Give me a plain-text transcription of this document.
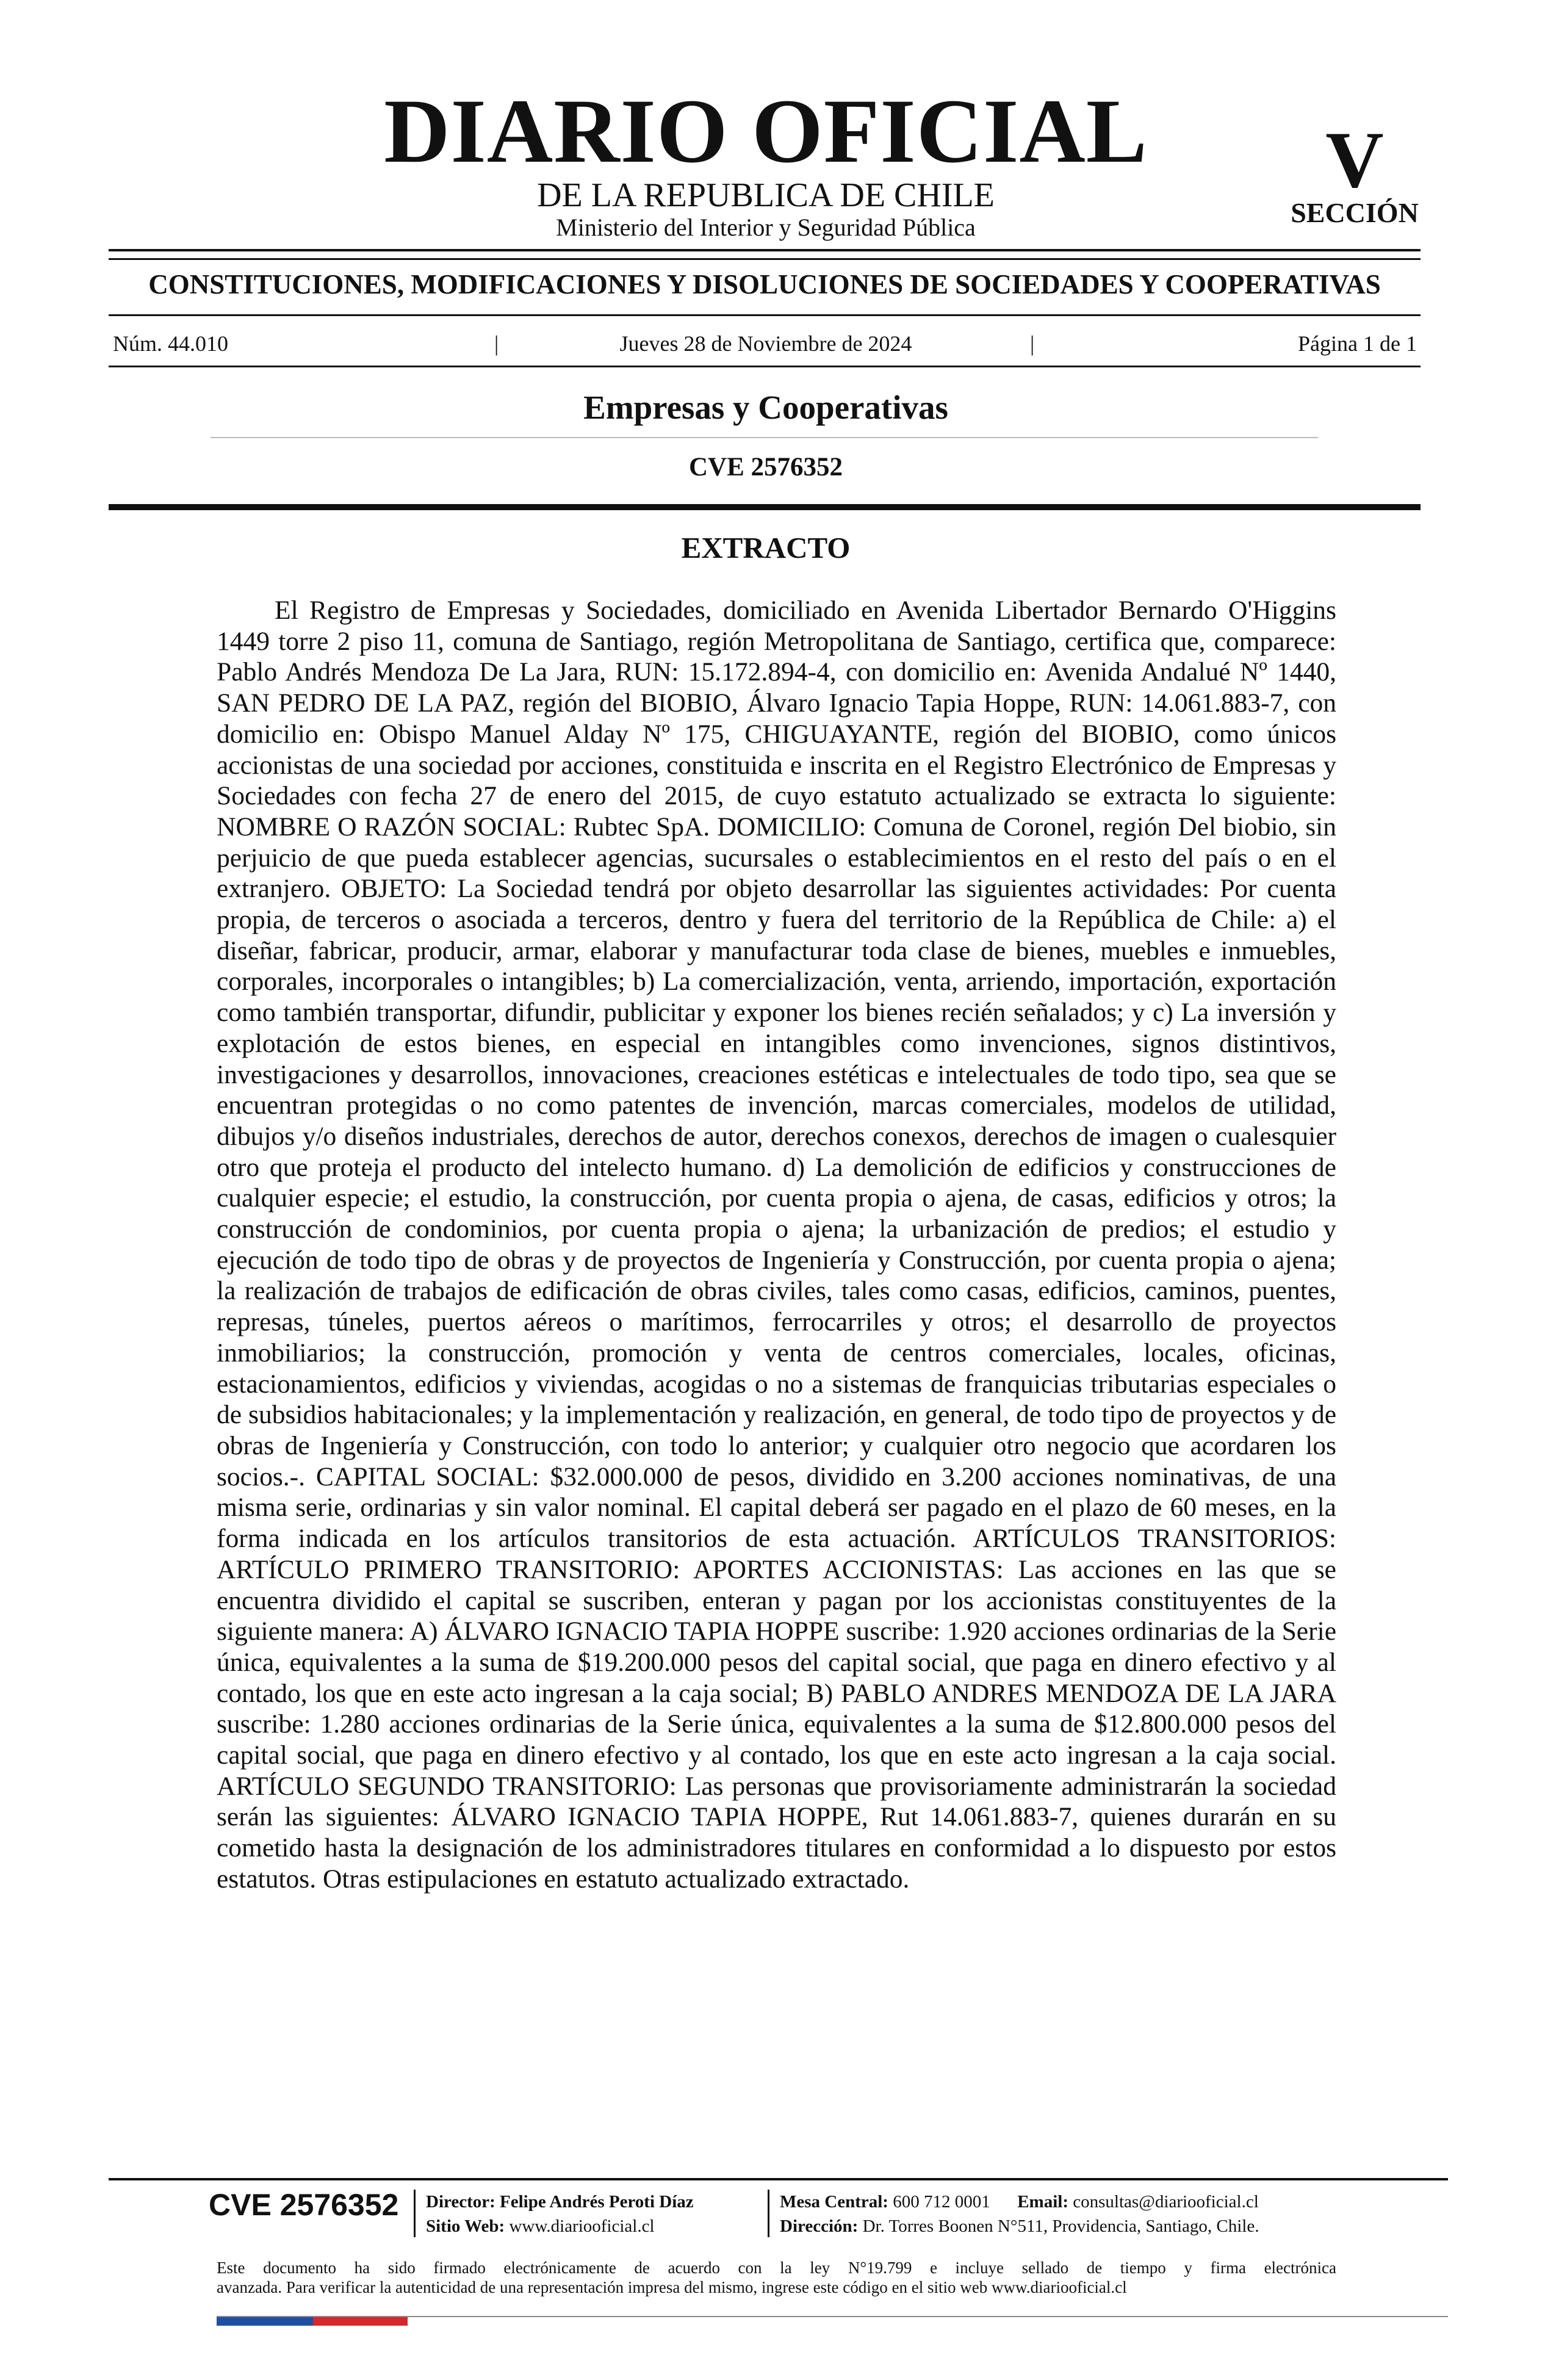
DIARIO OFICIAL
DE LA REPUBLICA DE CHILE
Ministerio del Interior y Seguridad Pública
V
SECCIÓN
CONSTITUCIONES, MODIFICACIONES Y DISOLUCIONES DE SOCIEDADES Y COOPERATIVAS
Núm. 44.010	|	Jueves 28 de Noviembre de 2024	|	Página 1 de 1
Empresas y Cooperativas
CVE 2576352
EXTRACTO

El Registro de Empresas y Sociedades, domiciliado en Avenida Libertador Bernardo O'Higgins 1449 torre 2 piso 11, comuna de Santiago, región Metropolitana de Santiago, certifica que, comparece: Pablo Andrés Mendoza De La Jara, RUN: 15.172.894-4, con domicilio en: Avenida Andalué Nº 1440, SAN PEDRO DE LA PAZ, región del BIOBIO, Álvaro Ignacio Tapia Hoppe, RUN: 14.061.883-7, con domicilio en: Obispo Manuel Alday Nº 175, CHIGUAYANTE, región del BIOBIO, como únicos accionistas de una sociedad por acciones, constituida e inscrita en el Registro Electrónico de Empresas y Sociedades con fecha 27 de enero del 2015, de cuyo estatuto actualizado se extracta lo siguiente: NOMBRE O RAZÓN SOCIAL: Rubtec SpA. DOMICILIO: Comuna de Coronel, región Del biobio, sin perjuicio de que pueda establecer agencias, sucursales o establecimientos en el resto del país o en el extranjero. OBJETO: La Sociedad tendrá por objeto desarrollar las siguientes actividades: Por cuenta propia, de terceros o asociada a terceros, dentro y fuera del territorio de la República de Chile: a) el diseñar, fabricar, producir, armar, elaborar y manufacturar toda clase de bienes, muebles e inmuebles, corporales, incorporales o intangibles; b) La comercialización, venta, arriendo, importación, exportación como también transportar, difundir, publicitar y exponer los bienes recién señalados; y c) La inversión y explotación de estos bienes, en especial en intangibles como invenciones, signos distintivos, investigaciones y desarrollos, innovaciones, creaciones estéticas e intelectuales de todo tipo, sea que se encuentran protegidas o no como patentes de invención, marcas comerciales, modelos de utilidad, dibujos y/o diseños industriales, derechos de autor, derechos conexos, derechos de imagen o cualesquier otro que proteja el producto del intelecto humano. d) La demolición de edificios y construcciones de cualquier especie; el estudio, la construcción, por cuenta propia o ajena, de casas, edificios y otros; la construcción de condominios, por cuenta propia o ajena; la urbanización de predios; el estudio y ejecución de todo tipo de obras y de proyectos de Ingeniería y Construcción, por cuenta propia o ajena; la realización de trabajos de edificación de obras civiles, tales como casas, edificios, caminos, puentes, represas, túneles, puertos aéreos o marítimos, ferrocarriles y otros; el desarrollo de proyectos inmobiliarios; la construcción, promoción y venta de centros comerciales, locales, oficinas, estacionamientos, edificios y viviendas, acogidas o no a sistemas de franquicias tributarias especiales o de subsidios habitacionales; y la implementación y realización, en general, de todo tipo de proyectos y de obras de Ingeniería y Construcción, con todo lo anterior; y cualquier otro negocio que acordaren los socios.-. CAPITAL SOCIAL: $32.000.000 de pesos, dividido en 3.200 acciones nominativas, de una misma serie, ordinarias y sin valor nominal. El capital deberá ser pagado en el plazo de 60 meses, en la forma indicada en los artículos transitorios de esta actuación. ARTÍCULOS TRANSITORIOS: ARTÍCULO PRIMERO TRANSITORIO: APORTES ACCIONISTAS: Las acciones en las que se encuentra dividido el capital se suscriben, enteran y pagan por los accionistas constituyentes de la siguiente manera: A) ÁLVARO IGNACIO TAPIA HOPPE suscribe: 1.920 acciones ordinarias de la Serie única, equivalentes a la suma de $19.200.000 pesos del capital social, que paga en dinero efectivo y al contado, los que en este acto ingresan a la caja social; B) PABLO ANDRES MENDOZA DE LA JARA suscribe: 1.280 acciones ordinarias de la Serie única, equivalentes a la suma de $12.800.000 pesos del capital social, que paga en dinero efectivo y al contado, los que en este acto ingresan a la caja social. ARTÍCULO SEGUNDO TRANSITORIO: Las personas que provisoriamente administrarán la sociedad serán las siguientes: ÁLVARO IGNACIO TAPIA HOPPE, Rut 14.061.883-7, quienes durarán en su cometido hasta la designación de los administradores titulares en conformidad a lo dispuesto por estos estatutos. Otras estipulaciones en estatuto actualizado extractado.

CVE 2576352 Director: Felipe Andrés Peroti Díaz
Sitio Web: www.diariooficial.cl
Mesa Central: 600 712 0001 Email: consultas@diariooficial.cl
Dirección: Dr. Torres Boonen N°511, Providencia, Santiago, Chile.

Este documento ha sido firmado electrónicamente de acuerdo con la ley N°19.799 e incluye sellado de tiempo y firma electrónica

avanzada. Para verificar la autenticidad de una representación impresa del mismo, ingrese este código en el sitio web www.diariooficial.cl
